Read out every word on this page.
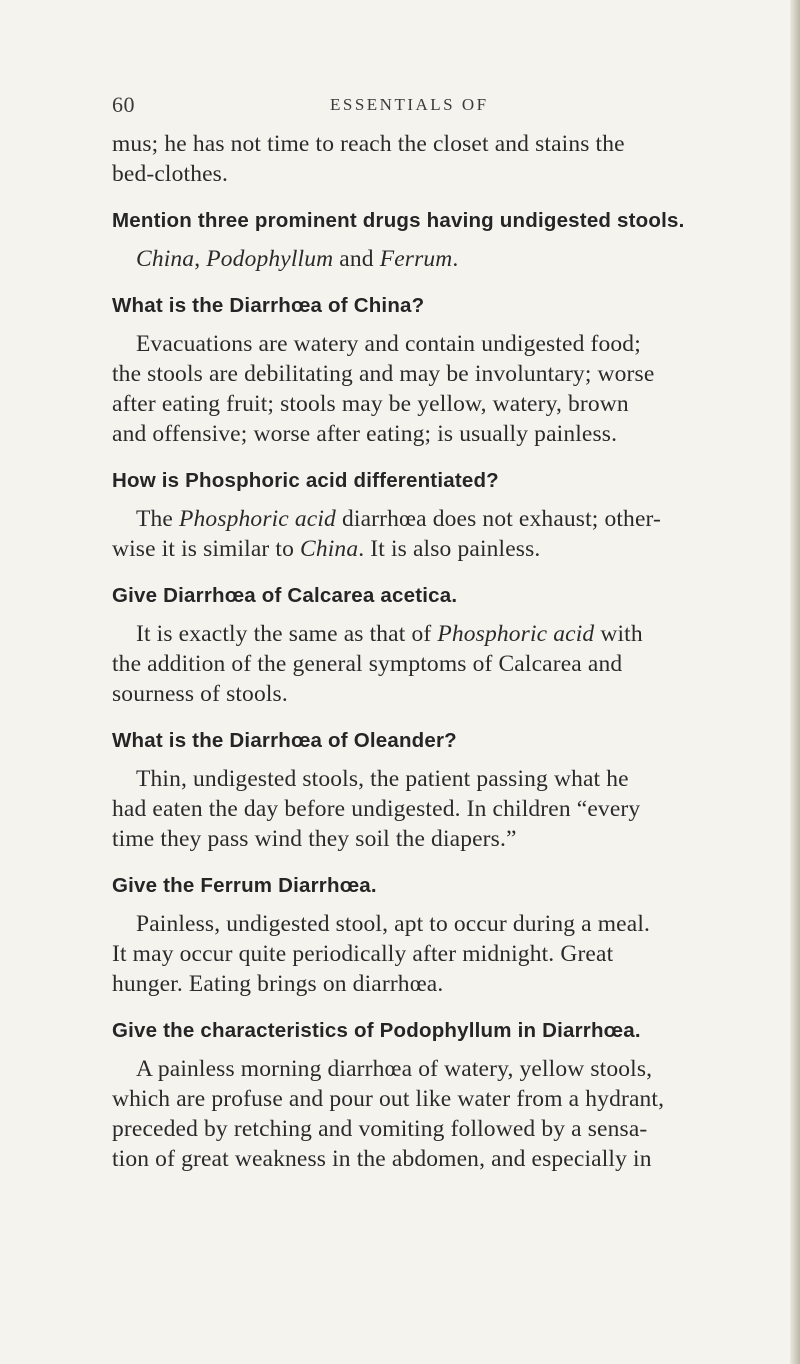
60	ESSENTIALS OF
mus; he has not time to reach the closet and stains the
bed-clothes.
Mention three prominent drugs having undigested stools.
China, Podophyllum and Ferrum.
What is the Diarrhœa of China?
Evacuations are watery and contain undigested food;
the stools are debilitating and may be involuntary; worse
after eating fruit; stools may be yellow, watery, brown
and offensive; worse after eating; is usually painless.
How is Phosphoric acid differentiated?
The Phosphoric acid diarrhœa does not exhaust; other-
wise it is similar to China. It is also painless.
Give Diarrhœa of Calcarea acetica.
It is exactly the same as that of Phosphoric acid with
the addition of the general symptoms of Calcarea and
sourness of stools.
What is the Diarrhœa of Oleander?
Thin, undigested stools, the patient passing what he
had eaten the day before undigested. In children “every
time they pass wind they soil the diapers.”
Give the Ferrum Diarrhœa.
Painless, undigested stool, apt to occur during a meal.
It may occur quite periodically after midnight. Great
hunger. Eating brings on diarrhœa.
Give the characteristics of Podophyllum in Diarrhœa.
A painless morning diarrhœa of watery, yellow stools,
which are profuse and pour out like water from a hydrant,
preceded by retching and vomiting followed by a sensa-
tion of great weakness in the abdomen, and especially in
